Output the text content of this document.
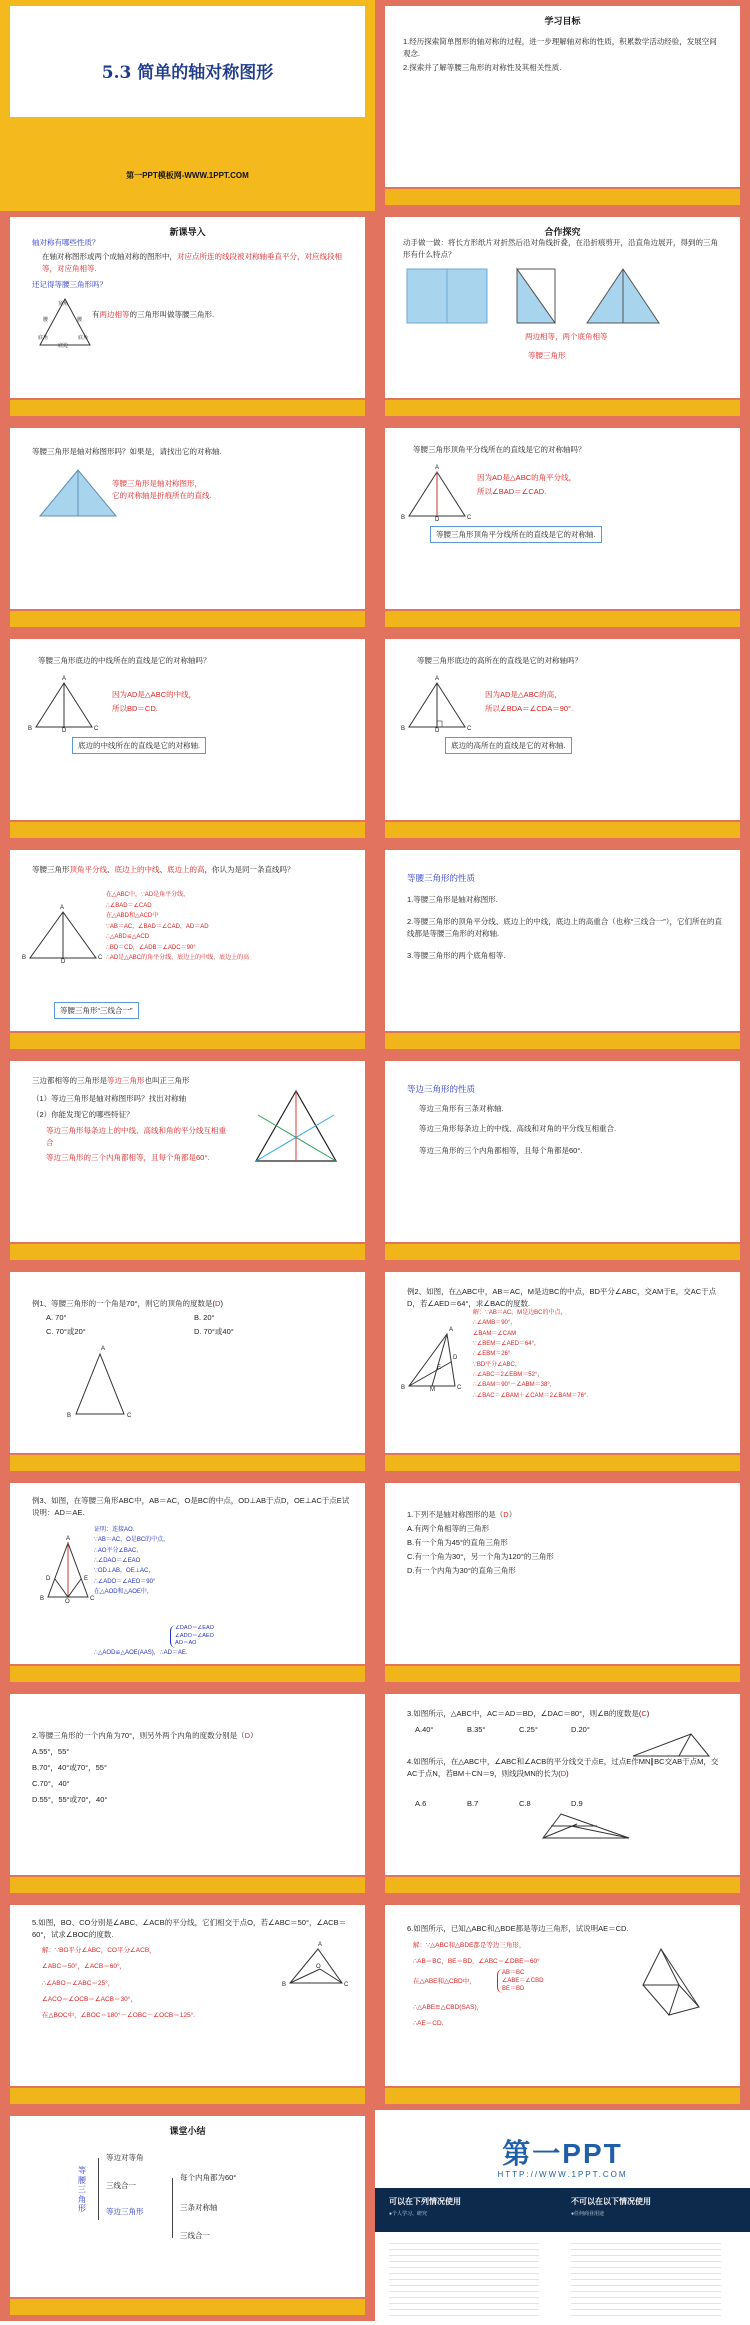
5.3 简单的轴对称图形
第一PPT模板网-WWW.1PPT.COM
学习目标
1.经历探索简单图形的轴对称的过程，进一步理解轴对称的性质，积累数学活动经验，发展空间观念.
2.探索并了解等腰三角形的对称性及其相关性质.
新课导入
轴对称有哪些性质？
在轴对称图形或两个成轴对称的图形中，对应点所连的线段被对称轴垂直平分，对应线段相等，对应角相等.
还记得等腰三角形吗？
顶角
腰	腰
底边
底角	底角
有两边相等的三角形叫做等腰三角形.
合作探究
动手做一做：将长方形纸片对折然后沿对角线折叠，在沿折痕剪开，沿直角边展开，得到的三角形有什么特点？
两边相等，两个底角相等
等腰三角形
等腰三角形是轴对称图形吗？如果是，请找出它的对称轴.
等腰三角形是轴对称图形，
它的对称轴是折痕所在的直线.
等腰三角形顶角平分线所在的直线是它的对称轴吗？
A
B	C
D
因为AD是△ABC的角平分线，
所以∠BAD＝∠CAD.
等腰三角形顶角平分线所在的直线是它的对称轴.
等腰三角形底边的中线所在的直线是它的对称轴吗？
A
B	C
D
因为AD是△ABC的中线，
所以BD＝CD.
底边的中线所在的直线是它的对称轴.
等腰三角形底边的高所在的直线是它的对称轴吗？
A
B	C
D
因为AD是△ABC的高，
所以∠BDA＝∠CDA＝90°.
底边的高所在的直线是它的对称轴.
等腰三角形顶角平分线、底边上的中线、底边上的高，你认为是同一条直线吗？
A
B	C
D
在△ABC中，∵AD是角平分线，
∴∠BAD＝∠CAD
在△ABD和△ACD中
∵AB＝AC，∠BAD＝∠CAD，AD＝AD
∴△ABD≌△ACD
∴BD＝CD，∠ADB＝∠ADC＝90°
∴AD是△ABC的角平分线、底边上的中线、底边上的高
等腰三角形“三线合一”
等腰三角形的性质
1.等腰三角形是轴对称图形.
2.等腰三角形的顶角平分线、底边上的中线，底边上的高重合（也称“三线合一”），它们所在的直线都是等腰三角形的对称轴.
3.等腰三角形的两个底角相等.
三边都相等的三角形是等边三角形也叫正三角形
（1）等边三角形是轴对称图形吗？找出对称轴
（2）你能发现它的哪些特征？
等边三角形每条边上的中线、高线和角的平分线互相重合
等边三角形的三个内角都相等，且每个角都是60°.
等边三角形的性质
等边三角形有三条对称轴.
等边三角形每条边上的中线、高线和对角的平分线互相重合.
等边三角形的三个内角都相等，且每个角都是60°.
例1、等腰三角形的一个角是70°，则它的顶角的度数是(D)
A. 70°	B. 20°
C. 70°或20°	D. 70°或40°
A
B	C
例2、如图，在△ABC中，AB＝AC，M是边BC的中点，BD平分∠ABC，交AM于E，交AC于点D，若∠AED＝64°，求∠BAC的度数.
A
B	C
D
E
M
解：∵AB＝AC，M是边BC的中点，
∴∠AMB＝90°，
∠BAM＝∠CAM
∵∠BEM＝∠AED＝64°，
∴∠EBM＝26°
∵BD平分∠ABC，
∴∠ABC＝2∠EBM＝52°，
∴∠BAM＝90°－∠ABM＝38°，
∴∠BAC＝∠BAM＋∠CAM＝2∠BAM＝76°.
例3、如图，在等腰三角形ABC中，AB＝AC，O是BC的中点，OD⊥AB于点D，OE⊥AC于点E试说明：AD＝AE.
A
B	C
D	E
O
证明：连接AO.
∵AB＝AC，O是BC的中点，
∴AO平分∠BAC，
∴∠DAO＝∠EAO
∵OD⊥AB，OE⊥AC，
∴∠ADO＝∠AEO＝90°
在△AOD和△AOE中，
∠DAO＝∠EAO
∠ADO＝∠AEO
AO＝AO
∴△AOD≌△AOE(AAS)，∴AD＝AE.
1.下列不是轴对称图形的是（D）
A.有两个角相等的三角形
B.有一个角为45°的直角三角形
C.有一个角为30°，另一个角为120°的三角形
D.有一个内角为30°的直角三角形
2.等腰三角形的一个内角为70°，则另外两个内角的度数分别是（D）
A.55°，55°
B.70°，40°或70°，55°
C.70°，40°
D.55°，55°或70°，40°
3.如图所示，△ABC中，AC＝AD＝BD，∠DAC＝80°，则∠B的度数是(C)
A.40°	B.35°	C.25°	D.20°
4.如图所示，在△ABC中，∠ABC和∠ACB的平分线交于点E，过点E作MN∥BC交AB于点M，交AC于点N，若BM＋CN＝9，则线段MN的长为(D)
A.6	B.7	C.8	D.9
5.如图，BO、CO分别是∠ABC、∠ACB的平分线，它们相交于点O，若∠ABC＝50°，∠ACB＝60°，试求∠BOC的度数.
解：∵BO平分∠ABC，CO平分∠ACB，
∠ABC＝50°，∠ACB＝60°，
∴∠ABO＝∠ABC＝25°，
∠ACO＝∠OCB＝∠ACB＝30°，
在△BOC中，∠BOC＝180°－∠OBC－∠OCB＝125°.
A
B	C
O
6.如图所示，已知△ABC和△BDE都是等边三角形，试说明AE＝CD.
解：∵△ABC和△BDE都是等边三角形，
∴AB＝BC，BE＝BD，∠ABC＝∠DBE＝60°
在△ABE和△CBD中，
AB＝BC
∠ABE＝∠CBD
BE＝BD
∴△ABE≌△CBD(SAS)，
∴AE＝CD.
课堂小结
等腰三角形
等边对等角
三线合一
等边三角形
每个内角都为60°
三条对称轴
三线合一
第一PPT
HTTP://WWW.1PPT.COM
可以在下列情况使用
●个人学习、研究
不可以在以下情况使用
●任何商业用途
